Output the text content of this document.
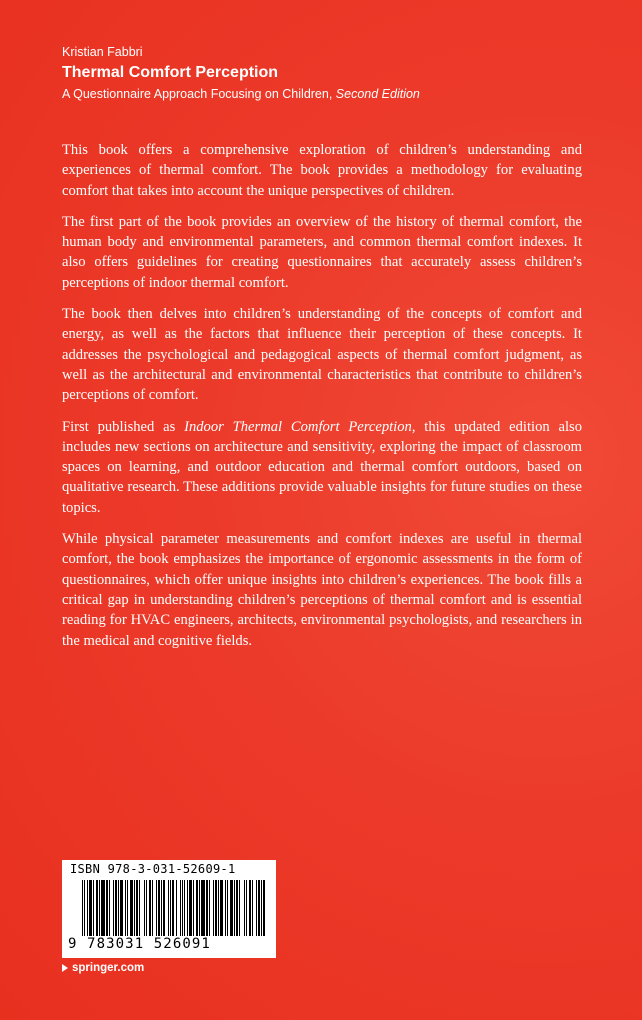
Kristian Fabbri
Thermal Comfort Perception
A Questionnaire Approach Focusing on Children, Second Edition

This book offers a comprehensive exploration of children’s understanding and experiences of thermal comfort. The book provides a methodology for evaluating comfort that takes into account the unique perspectives of children.

The first part of the book provides an overview of the history of thermal comfort, the human body and environmental parameters, and common thermal comfort indexes. It also offers guidelines for creating questionnaires that accurately assess children’s perceptions of indoor thermal comfort.

The book then delves into children’s understanding of the concepts of comfort and energy, as well as the factors that influence their perception of these concepts. It addresses the psychological and pedagogical aspects of thermal comfort judgment, as well as the architectural and environmental characteristics that contribute to children’s perceptions of comfort.

First published as Indoor Thermal Comfort Perception, this updated edition also includes new sections on architecture and sensitivity, exploring the impact of classroom spaces on learning, and outdoor education and thermal comfort outdoors, based on qualitative research. These additions provide valuable insights for future studies on these topics.

While physical parameter measurements and comfort indexes are useful in thermal comfort, the book emphasizes the importance of ergonomic assessments in the form of questionnaires, which offer unique insights into children’s experiences. The book fills a critical gap in understanding children’s perceptions of thermal comfort and is essential reading for HVAC engineers, architects, environmental psychologists, and researchers in the medical and cognitive fields.

ISBN 978-3-031-52609-1
9 783031 526091
springer.com
